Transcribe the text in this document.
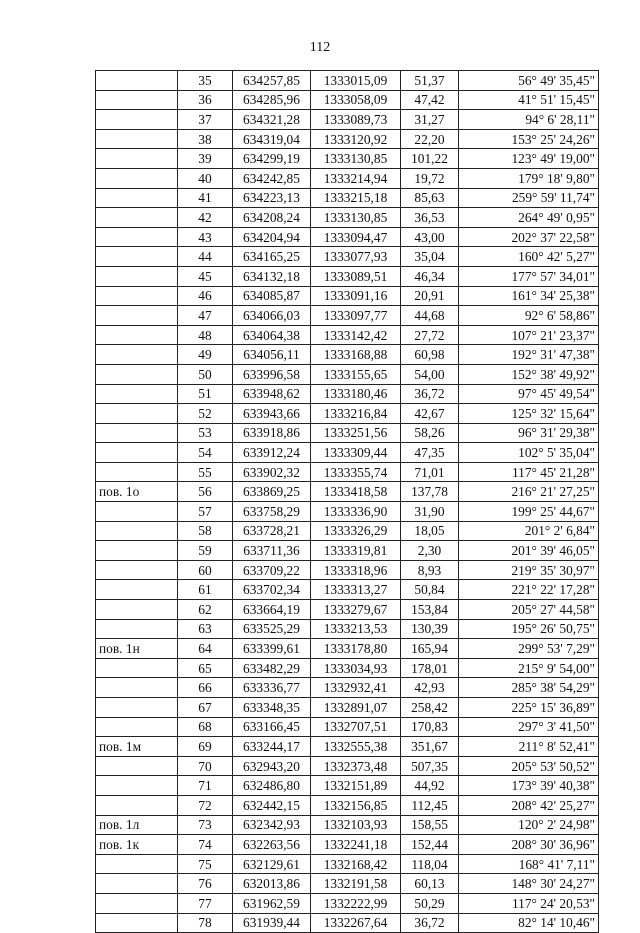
112
	35	634257,85	1333015,09	51,37	56° 49' 35,45"
	36	634285,96	1333058,09	47,42	41° 51' 15,45"
	37	634321,28	1333089,73	31,27	94° 6' 28,11"
	38	634319,04	1333120,92	22,20	153° 25' 24,26"
	39	634299,19	1333130,85	101,22	123° 49' 19,00"
	40	634242,85	1333214,94	19,72	179° 18' 9,80"
	41	634223,13	1333215,18	85,63	259° 59' 11,74"
	42	634208,24	1333130,85	36,53	264° 49' 0,95"
	43	634204,94	1333094,47	43,00	202° 37' 22,58"
	44	634165,25	1333077,93	35,04	160° 42' 5,27"
	45	634132,18	1333089,51	46,34	177° 57' 34,01"
	46	634085,87	1333091,16	20,91	161° 34' 25,38"
	47	634066,03	1333097,77	44,68	92° 6' 58,86"
	48	634064,38	1333142,42	27,72	107° 21' 23,37"
	49	634056,11	1333168,88	60,98	192° 31' 47,38"
	50	633996,58	1333155,65	54,00	152° 38' 49,92"
	51	633948,62	1333180,46	36,72	97° 45' 49,54"
	52	633943,66	1333216,84	42,67	125° 32' 15,64"
	53	633918,86	1333251,56	58,26	96° 31' 29,38"
	54	633912,24	1333309,44	47,35	102° 5' 35,04"
	55	633902,32	1333355,74	71,01	117° 45' 21,28"
пов. 1о	56	633869,25	1333418,58	137,78	216° 21' 27,25"
	57	633758,29	1333336,90	31,90	199° 25' 44,67"
	58	633728,21	1333326,29	18,05	201° 2' 6,84"
	59	633711,36	1333319,81	2,30	201° 39' 46,05"
	60	633709,22	1333318,96	8,93	219° 35' 30,97"
	61	633702,34	1333313,27	50,84	221° 22' 17,28"
	62	633664,19	1333279,67	153,84	205° 27' 44,58"
	63	633525,29	1333213,53	130,39	195° 26' 50,75"
пов. 1н	64	633399,61	1333178,80	165,94	299° 53' 7,29"
	65	633482,29	1333034,93	178,01	215° 9' 54,00"
	66	633336,77	1332932,41	42,93	285° 38' 54,29"
	67	633348,35	1332891,07	258,42	225° 15' 36,89"
	68	633166,45	1332707,51	170,83	297° 3' 41,50"
пов. 1м	69	633244,17	1332555,38	351,67	211° 8' 52,41"
	70	632943,20	1332373,48	507,35	205° 53' 50,52"
	71	632486,80	1332151,89	44,92	173° 39' 40,38"
	72	632442,15	1332156,85	112,45	208° 42' 25,27"
пов. 1л	73	632342,93	1332103,93	158,55	120° 2' 24,98"
пов. 1к	74	632263,56	1332241,18	152,44	208° 30' 36,96"
	75	632129,61	1332168,42	118,04	168° 41' 7,11"
	76	632013,86	1332191,58	60,13	148° 30' 24,27"
	77	631962,59	1332222,99	50,29	117° 24' 20,53"
	78	631939,44	1332267,64	36,72	82° 14' 10,46"
